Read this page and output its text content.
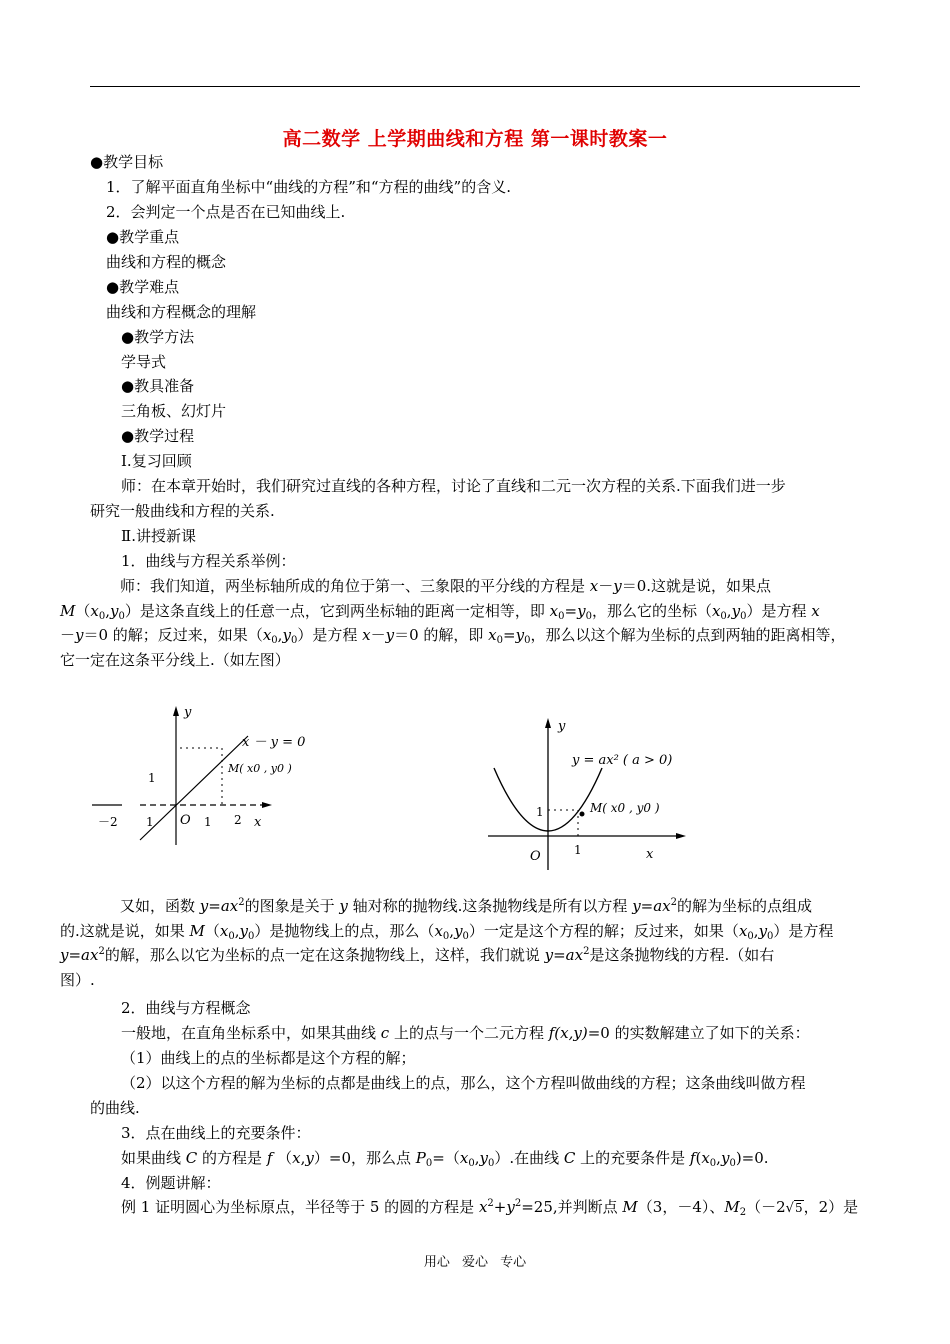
高二数学 上学期曲线和方程 第一课时教案一
●教学目标
1．了解平面直角坐标中“曲线的方程”和“方程的曲线”的含义.
2．会判定一个点是否在已知曲线上.
●教学重点
曲线和方程的概念
●教学难点
曲线和方程概念的理解
●教学方法
学导式
●教具准备
三角板、幻灯片
●教学过程
Ⅰ.复习回顾
师：在本章开始时，我们研究过直线的各种方程，讨论了直线和二元一次方程的关系.下面我们进一步
研究一般曲线和方程的关系.
Ⅱ.讲授新课
1．曲线与方程关系举例：
师：我们知道，两坐标轴所成的角位于第一、三象限的平分线的方程是 x－y＝0.这就是说，如果点
$M(x_0,y_0)$是这条直线上的任意一点，它到两坐标轴的距离一定相等，即 $x_0=y_0$，那么它的坐标$(x_0,y_0)$是方程 x
－y＝0 的解；反过来，如果$(x_0,y_0)$是方程 x－y＝0 的解，即 $x_0=y_0$，那么以这个解为坐标的点到两轴的距离相等，
它一定在这条平分线上.（如左图）
y
x
x － y = 0
M( x0 , y0 )
1
－2 1 O 1 2
y
x
y = ax² ( a > 0)
M( x0 , y0 )
O	1
1
又如，函数 $y=ax^2$的图象是关于 y 轴对称的抛物线.这条抛物线是所有以方程 $y=ax^2$的解为坐标的点组成
的.这就是说，如果 $M(x_0,y_0)$是抛物线上的点，那么$(x_0,y_0)$一定是这个方程的解；反过来，如果$(x_0,y_0)$是方程
$y=ax^2$的解，那么以它为坐标的点一定在这条抛物线上，这样，我们就说 $y=ax^2$是这条抛物线的方程.（如右
图）.
2．曲线与方程概念
一般地，在直角坐标系中，如果其曲线 c 上的点与一个二元方程 f(x,y)=0 的实数解建立了如下的关系：
（1）曲线上的点的坐标都是这个方程的解；
（2）以这个方程的解为坐标的点都是曲线上的点，那么，这个方程叫做曲线的方程；这条曲线叫做方程
的曲线.
3．点在曲线上的充要条件：
如果曲线 C 的方程是 f （x,y）=0，那么点 $P_0=(x_0,y_0)$.在曲线 C 上的充要条件是 $f(x_0,y_0)=0$.
4．例题讲解：
例 1 证明圆心为坐标原点，半径等于 5 的圆的方程是 $x^2+y^2=25$,并判断点 M（3，－4）、$M_2(-2√5$，2）是
用心 爱心 专心
